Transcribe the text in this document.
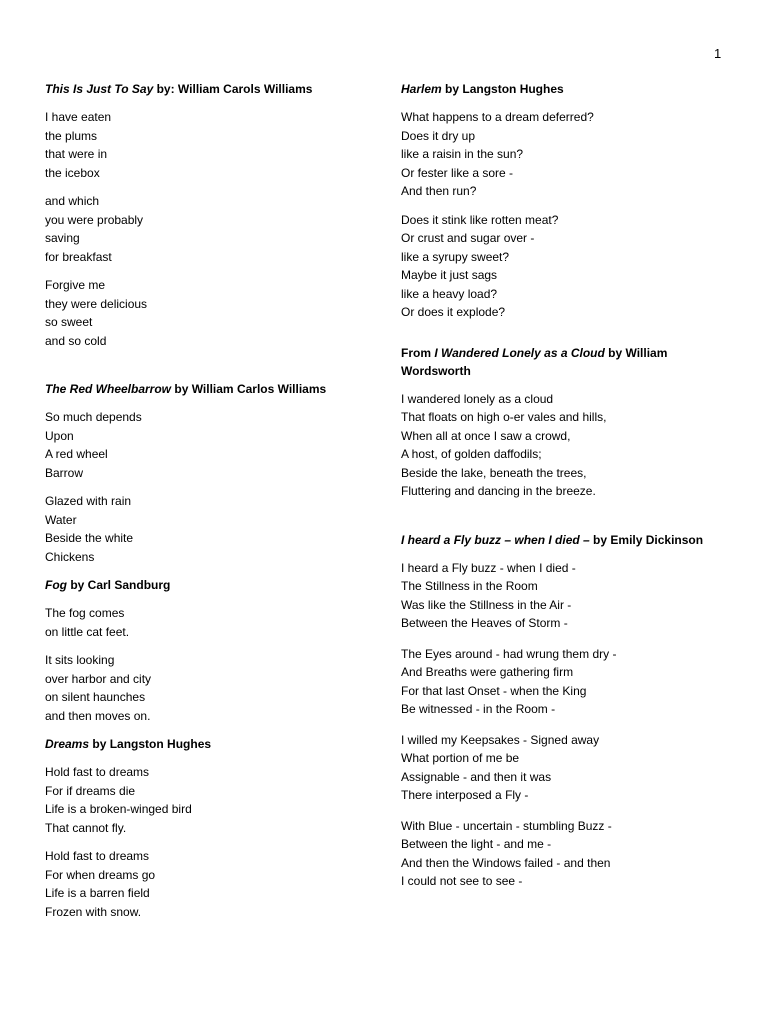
1
This Is Just To Say by: William Carols Williams
I have eaten
the plums
that were in
the icebox
and which
you were probably
saving
for breakfast
Forgive me
they were delicious
so sweet
and so cold
The Red Wheelbarrow by William Carlos Williams
So much depends
Upon
A red wheel
Barrow
Glazed with rain
Water
Beside the white
Chickens
Fog by Carl Sandburg
The fog comes
on little cat feet.
It sits looking
over harbor and city
on silent haunches
and then moves on.
Dreams by Langston Hughes
Hold fast to dreams
For if dreams die
Life is a broken-winged bird
That cannot fly.
Hold fast to dreams
For when dreams go
Life is a barren field
Frozen with snow.
Harlem by Langston Hughes
What happens to a dream deferred?
Does it dry up
like a raisin in the sun?
Or fester like a sore -
And then run?
Does it stink like rotten meat?
Or crust and sugar over -
like a syrupy sweet?
Maybe it just sags
like a heavy load?
Or does it explode?
From I Wandered Lonely as a Cloud by William
Wordsworth
I wandered lonely as a cloud
That floats on high o-er vales and hills,
When all at once I saw a crowd,
A host, of golden daffodils;
Beside the lake, beneath the trees,
Fluttering and dancing in the breeze.
I heard a Fly buzz – when I died – by Emily Dickinson
I heard a Fly buzz - when I died -
The Stillness in the Room
Was like the Stillness in the Air -
Between the Heaves of Storm -
The Eyes around - had wrung them dry -
And Breaths were gathering firm
For that last Onset - when the King
Be witnessed - in the Room -
I willed my Keepsakes - Signed away
What portion of me be
Assignable - and then it was
There interposed a Fly -
With Blue - uncertain - stumbling Buzz -
Between the light - and me -
And then the Windows failed - and then
I could not see to see -
